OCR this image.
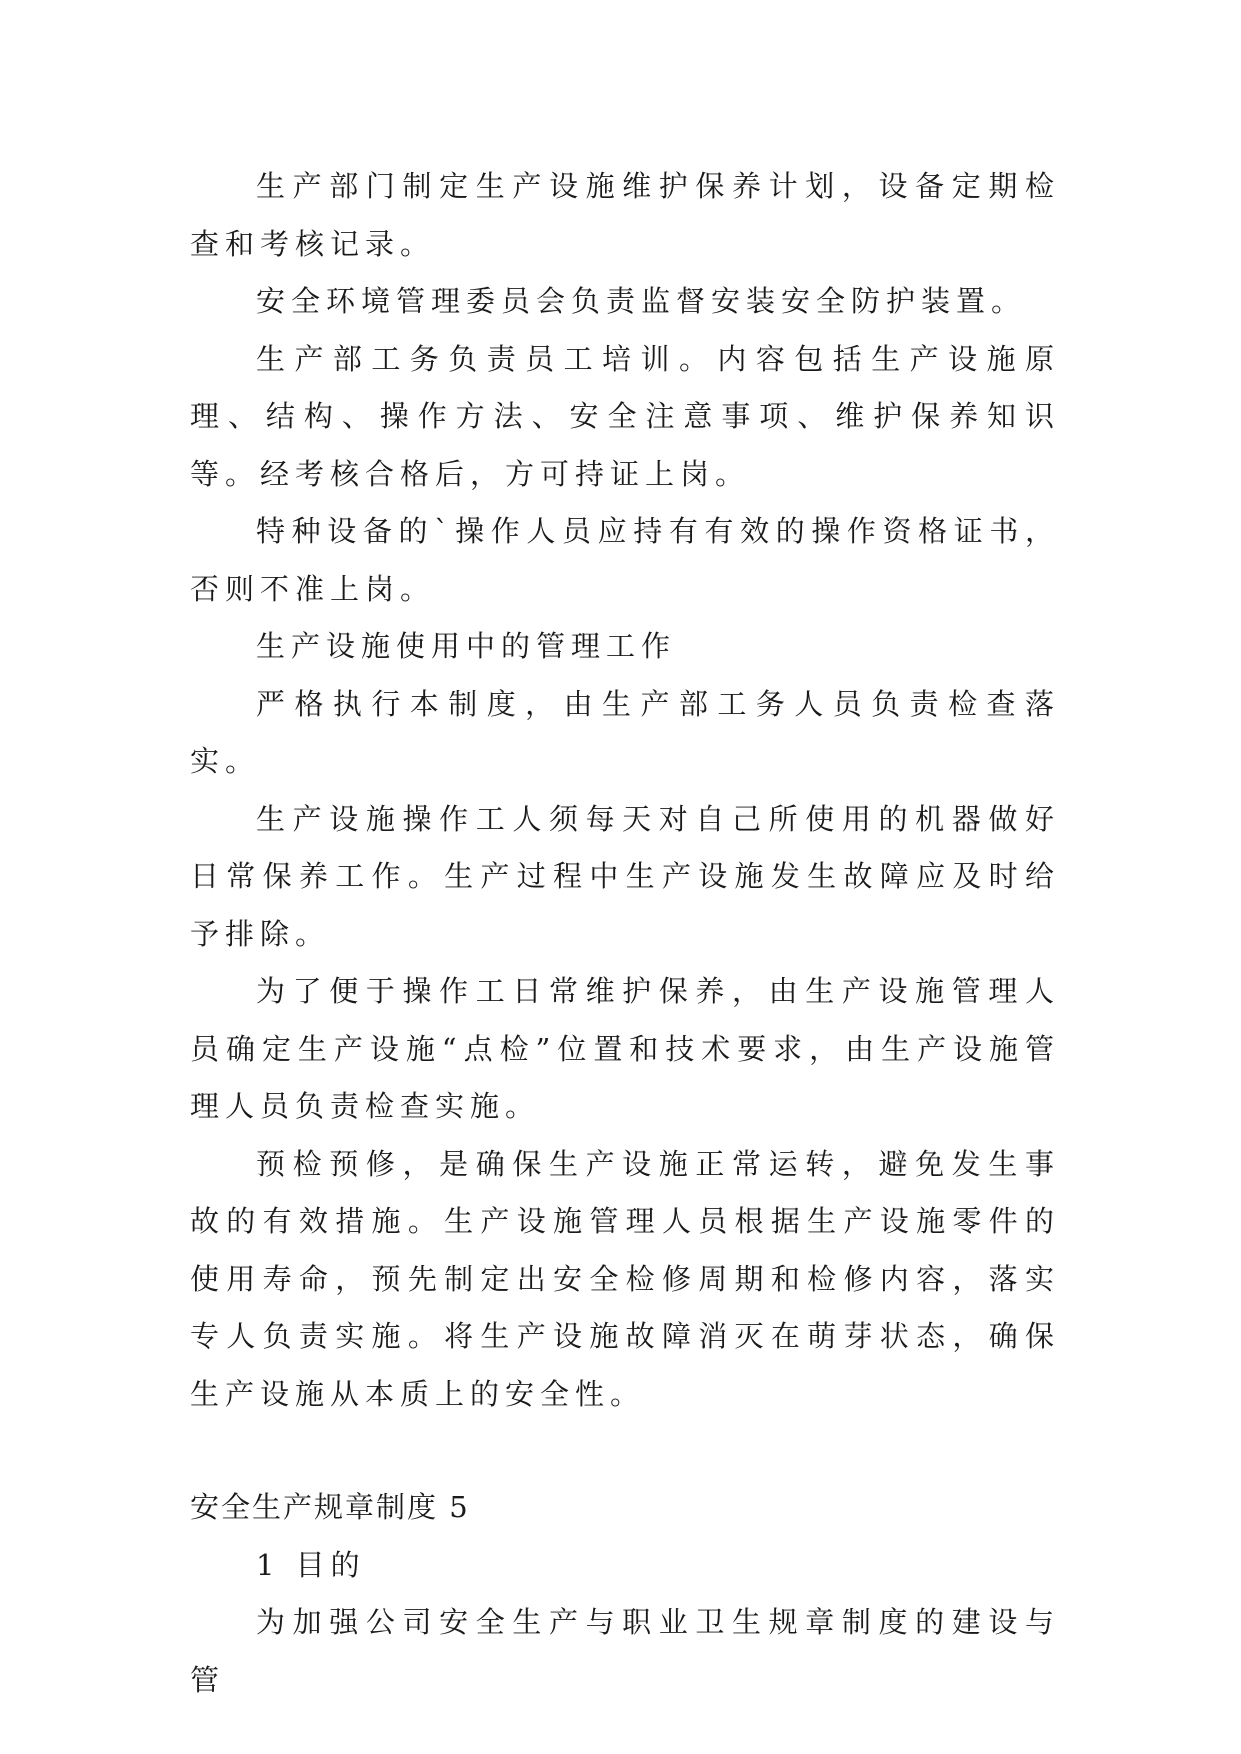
生产部门制定生产设施维护保养计划，设备定期检查和考核记录。

安全环境管理委员会负责监督安装安全防护装置。

生产部工务负责员工培训。内容包括生产设施原理、结构、操作方法、安全注意事项、维护保养知识等。经考核合格后，方可持证上岗。

特种设备的`操作人员应持有有效的操作资格证书，否则不准上岗。

生产设施使用中的管理工作

严格执行本制度，由生产部工务人员负责检查落实。

生产设施操作工人须每天对自己所使用的机器做好日常保养工作。生产过程中生产设施发生故障应及时给予排除。

为了便于操作工日常维护保养，由生产设施管理人员确定生产设施“点检”位置和技术要求，由生产设施管理人员负责检查实施。

预检预修，是确保生产设施正常运转，避免发生事故的有效措施。生产设施管理人员根据生产设施零件的使用寿命，预先制定出安全检修周期和检修内容，落实专人负责实施。将生产设施故障消灭在萌芽状态，确保生产设施从本质上的安全性。

安全生产规章制度 5

1 目的

为加强公司安全生产与职业卫生规章制度的建设与管
